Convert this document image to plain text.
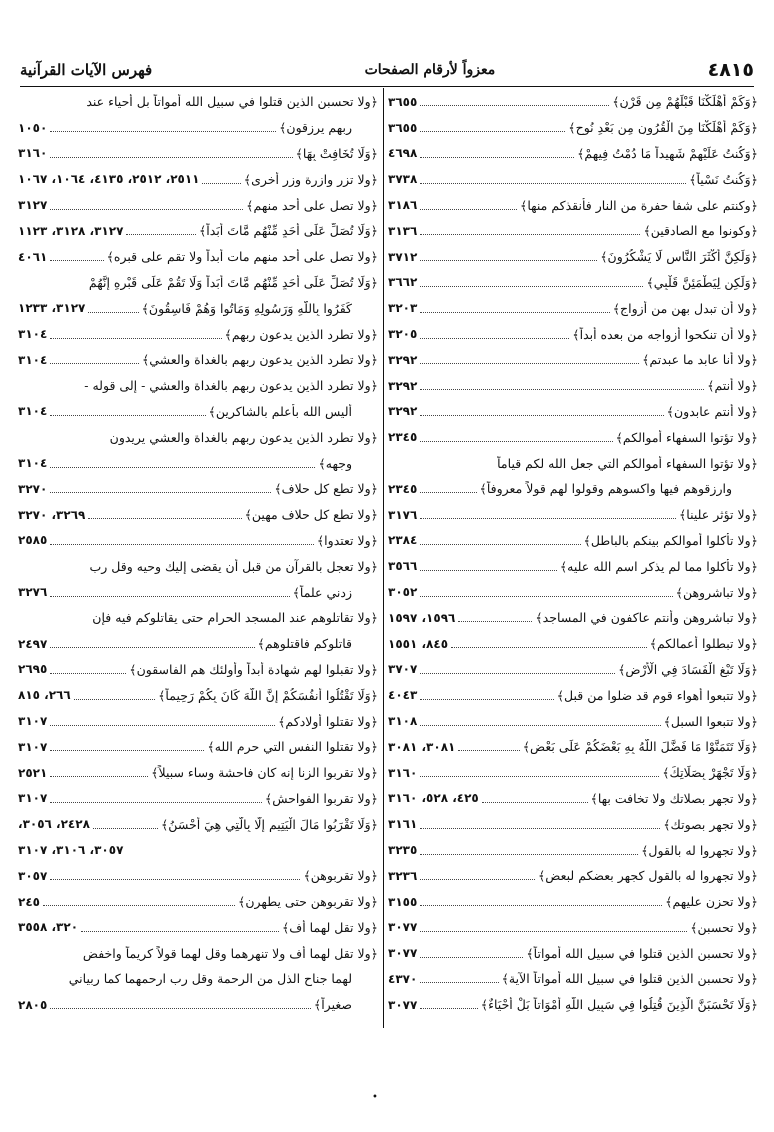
٤٨١٥
معزواً لأرقام الصفحات
فهرس الآيات القرآنية
﴿وَكَمْ أَهْلَكْنَا قَبْلَهُمْ مِن قَرْنٍ﴾
٣٦٥٥
﴿وَكَمْ أَهْلَكْنَا مِنَ الْقُرُونِ مِن بَعْدِ نُوحٍ﴾
٣٦٥٥
﴿وَكُنتُ عَلَيْهِمْ شَهِيداً مَا دُمْتُ فِيهِمْ﴾
٤٦٩٨
﴿وَكُنتُ نَسْياً﴾
٣٧٣٨
﴿وكنتم على شفا حفرة من النار فأنقذكم منها﴾
٣١٨٦
﴿وكونوا مع الصادقين﴾
٣١٣٦
﴿وَلَكِنَّ أَكْثَرَ النَّاسِ لَا يَشْكُرُونَ﴾
٣٧١٢
﴿وَلَكِن لِيَطْمَئِنَّ قَلْبِي﴾
٣٦٦٢
﴿ولا أن تبدل بهن من أزواج﴾
٣٢٠٣
﴿ولا أن تنكحوا أزواجه من بعده أبداً﴾
٣٢٠٥
﴿ولا أنا عابد ما عبدتم﴾
٣٢٩٢
﴿ولا أنتم﴾
٣٢٩٢
﴿ولا أنتم عابدون﴾
٣٢٩٢
﴿ولا تؤتوا السفهاء أموالكم﴾
٢٣٤٥
﴿ولا تؤتوا السفهاء أموالكم التي جعل الله لكم قياماً
وارزقوهم فيها واكسوهم وقولوا لهم قولاً معروفاً﴾
٢٣٤٥
﴿ولا تؤثر علينا﴾
٣١٧٦
﴿ولا تأكلوا أموالكم بينكم بالباطل﴾
٢٣٨٤
﴿ولا تأكلوا مما لم يذكر اسم الله عليه﴾
٣٥٦٦
﴿ولا تباشروهن﴾
٣٠٥٢
﴿ولا تباشروهن وأنتم عاكفون في المساجد﴾
١٥٩٦، ١٥٩٧
﴿ولا تبطلوا أعمالكم﴾
٨٤٥، ١٥٥١
﴿وَلَا تَبْغِ الْفَسَادَ فِي الْأَرْضِ﴾
٣٧٠٧
﴿ولا تتبعوا أهواء قوم قد ضلوا من قبل﴾
٤٠٤٣
﴿ولا تتبعوا السبل﴾
٣١٠٨
﴿وَلَا تَتَمَنَّوْا مَا فَضَّلَ اللَّهُ بِهِ بَعْضَكُمْ عَلَى بَعْضٍ﴾
٣٠٨١، ٣٠٨١
﴿وَلَا تَجْهَرْ بِصَلَاتِكَ﴾
٣١٦٠
﴿ولا تجهر بصلاتك ولا تخافت بها﴾
٤٢٥، ٥٢٨، ٣١٦٠
﴿ولا تجهر بصوتك﴾
٣١٦١
﴿ولا تجهروا له بالقول﴾
٣٢٣٥
﴿ولا تجهروا له بالقول كجهر بعضكم لبعض﴾
٣٢٣٦
﴿ولا تحزن عليهم﴾
٣١٥٥
﴿ولا تحسبن﴾
٣٠٧٧
﴿ولا تحسبن الذين قتلوا في سبيل الله أمواتاً﴾
٣٠٧٧
﴿ولا تحسبن الذين قتلوا في سبيل الله أمواتاً الآية﴾
٤٣٧٠
﴿وَلَا تَحْسَبَنَّ الَّذِينَ قُتِلُوا فِي سَبِيلِ اللَّهِ أَمْوَاتاً بَلْ أَحْيَاءٌ﴾
٣٠٧٧
﴿ولا تحسبن الذين قتلوا في سبيل الله أمواتاً بل أحياء عند
ربهم يرزقون﴾
١٠٥٠
﴿وَلَا تُخَافِتْ بِهَا﴾
٣١٦٠
﴿ولا تزر وازرة وزر أخرى﴾
٢٥١١، ٢٥١٢، ٤١٣٥، ١٠٦٤، ١٠٦٧
﴿ولا تصل على أحد منهم﴾
٣١٢٧
﴿وَلَا تُصَلِّ عَلَى أَحَدٍ مِّنْهُم مَّاتَ أَبَداً﴾
٣١٢٧، ٣١٢٨، ١١٢٣
﴿ولا تصل على أحد منهم مات أبداً ولا تقم على قبره﴾
٤٠٦١
﴿وَلَا تُصَلِّ عَلَى أَحَدٍ مِّنْهُم مَّاتَ أَبَداً وَلَا تَقُمْ عَلَى قَبْرِهِ إِنَّهُمْ
كَفَرُوا بِاللَّهِ وَرَسُولِهِ وَمَاتُوا وَهُمْ فَاسِقُونَ﴾
٣١٢٧، ١٢٣٣
﴿ولا تطرد الذين يدعون ربهم﴾
٣١٠٤
﴿ولا تطرد الذين يدعون ربهم بالغداة والعشي﴾
٣١٠٤
﴿ولا تطرد الذين يدعون ربهم بالغداة والعشي - إلى قوله -
أليس الله بأعلم بالشاكرين﴾
٣١٠٤
﴿ولا تطرد الذين يدعون ربهم بالغداة والعشي يريدون
وجهه﴾
٣١٠٤
﴿ولا تطع كل حلاف﴾
٣٢٧٠
﴿ولا تطع كل حلاف مهين﴾
٣٢٦٩، ٣٢٧٠
﴿ولا تعتدوا﴾
٢٥٨٥
﴿ولا تعجل بالقرآن من قبل أن يقضى إليك وحيه وقل رب
زدني علماً﴾
٣٢٧٦
﴿ولا تقاتلوهم عند المسجد الحرام حتى يقاتلوكم فيه فإن
قاتلوكم فاقتلوهم﴾
٢٤٩٧
﴿ولا تقبلوا لهم شهادة أبداً وأولئك هم الفاسقون﴾
٢٦٩٥
﴿وَلَا تَقْتُلُوا أَنفُسَكُمْ إِنَّ اللَّهَ كَانَ بِكُمْ رَحِيماً﴾
٢٦٦، ٨١٥
﴿ولا تقتلوا أولادكم﴾
٣١٠٧
﴿ولا تقتلوا النفس التي حرم الله﴾
٣١٠٧
﴿ولا تقربوا الزنا إنه كان فاحشة وساء سبيلاً﴾
٢٥٢١
﴿ولا تقربوا الفواحش﴾
٣١٠٧
﴿وَلَا تَقْرَبُوا مَالَ الْيَتِيمِ إِلَّا بِالَّتِي هِيَ أَحْسَنُ﴾
٢٤٢٨، ٣٠٥٦،
٣٠٥٧، ٣١٠٦، ٣١٠٧
﴿ولا تقربوهن﴾
٣٠٥٧
﴿ولا تقربوهن حتى يطهرن﴾
٢٤٥
﴿ولا تقل لهما أف﴾
٣٢٠، ٣٥٥٨
﴿ولا تقل لهما أف ولا تنهرهما وقل لهما قولاً كريماً واخفض
لهما جناح الذل من الرحمة وقل رب ارحمهما كما ربياني
صغيراً﴾
٢٨٠٥
•
